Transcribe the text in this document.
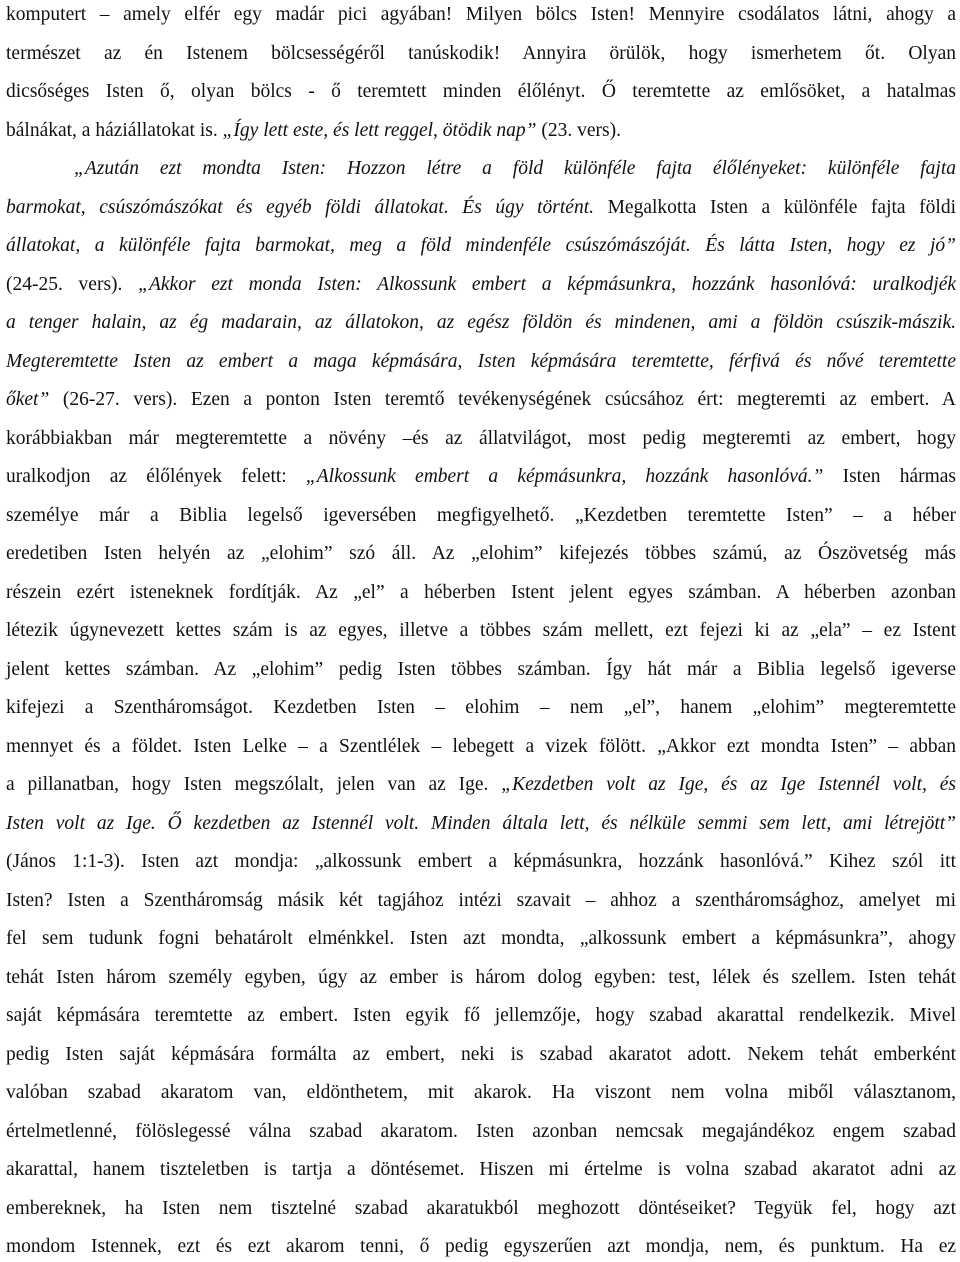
komputert – amely elfér egy madár pici agyában! Milyen bölcs Isten! Mennyire csodálatos látni, ahogy a
természet az én Istenem bölcsességéről tanúskodik! Annyira örülök, hogy ismerhetem őt. Olyan
dicsőséges Isten ő, olyan bölcs - ő teremtett minden élőlényt. Ő teremtette az emlősöket, a hatalmas
bálnákat, a háziállatokat is. „Így lett este, és lett reggel, ötödik nap” (23. vers).
„Azután ezt mondta Isten: Hozzon létre a föld különféle fajta élőlényeket: különféle fajta
barmokat, csúszómászókat és egyéb földi állatokat. És úgy történt. Megalkotta Isten a különféle fajta földi
állatokat, a különféle fajta barmokat, meg a föld mindenféle csúszómászóját. És látta Isten, hogy ez jó”
(24-25. vers). „Akkor ezt monda Isten: Alkossunk embert a képmásunkra, hozzánk hasonlóvá: uralkodjék
a tenger halain, az ég madarain, az állatokon, az egész földön és mindenen, ami a földön csúszik-mászik.
Megteremtette Isten az embert a maga képmására, Isten képmására teremtette, férfivá és nővé teremtette
őket” (26-27. vers). Ezen a ponton Isten teremtő tevékenységének csúcsához ért: megteremti az embert. A
korábbiakban már megteremtette a növény –és az állatvilágot, most pedig megteremti az embert, hogy
uralkodjon az élőlények felett: „Alkossunk embert a képmásunkra, hozzánk hasonlóvá.” Isten hármas
személye már a Biblia legelső igeversében megfigyelhető. „Kezdetben teremtette Isten” – a héber
eredetiben Isten helyén az „elohim” szó áll. Az „elohim” kifejezés többes számú, az Ószövetség más
részein ezért isteneknek fordítják. Az „el” a héberben Istent jelent egyes számban. A héberben azonban
létezik úgynevezett kettes szám is az egyes, illetve a többes szám mellett, ezt fejezi ki az „ela” – ez Istent
jelent kettes számban. Az „elohim” pedig Isten többes számban. Így hát már a Biblia legelső igeverse
kifejezi a Szentháromságot. Kezdetben Isten – elohim – nem „el”, hanem „elohim” megteremtette
mennyet és a földet. Isten Lelke – a Szentlélek – lebegett a vizek fölött. „Akkor ezt mondta Isten” – abban
a pillanatban, hogy Isten megszólalt, jelen van az Ige. „Kezdetben volt az Ige, és az Ige Istennél volt, és
Isten volt az Ige. Ő kezdetben az Istennél volt. Minden általa lett, és nélküle semmi sem lett, ami létrejött”
(János 1:1-3). Isten azt mondja: „alkossunk embert a képmásunkra, hozzánk hasonlóvá.” Kihez szól itt
Isten? Isten a Szentháromság másik két tagjához intézi szavait – ahhoz a szentháromsághoz, amelyet mi
fel sem tudunk fogni behatárolt elménkkel. Isten azt mondta, „alkossunk embert a képmásunkra”, ahogy
tehát Isten három személy egyben, úgy az ember is három dolog egyben: test, lélek és szellem. Isten tehát
saját képmására teremtette az embert. Isten egyik fő jellemzője, hogy szabad akarattal rendelkezik. Mivel
pedig Isten saját képmására formálta az embert, neki is szabad akaratot adott. Nekem tehát emberként
valóban szabad akaratom van, eldönthetem, mit akarok. Ha viszont nem volna miből választanom,
értelmetlenné, fölöslegessé válna szabad akaratom. Isten azonban nemcsak megajándékoz engem szabad
akarattal, hanem tiszteletben is tartja a döntésemet. Hiszen mi értelme is volna szabad akaratot adni az
embereknek, ha Isten nem tisztelné szabad akaratukból meghozott döntéseiket? Tegyük fel, hogy azt
mondom Istennek, ezt és ezt akarom tenni, ő pedig egyszerűen azt mondja, nem, és punktum. Ha ez
